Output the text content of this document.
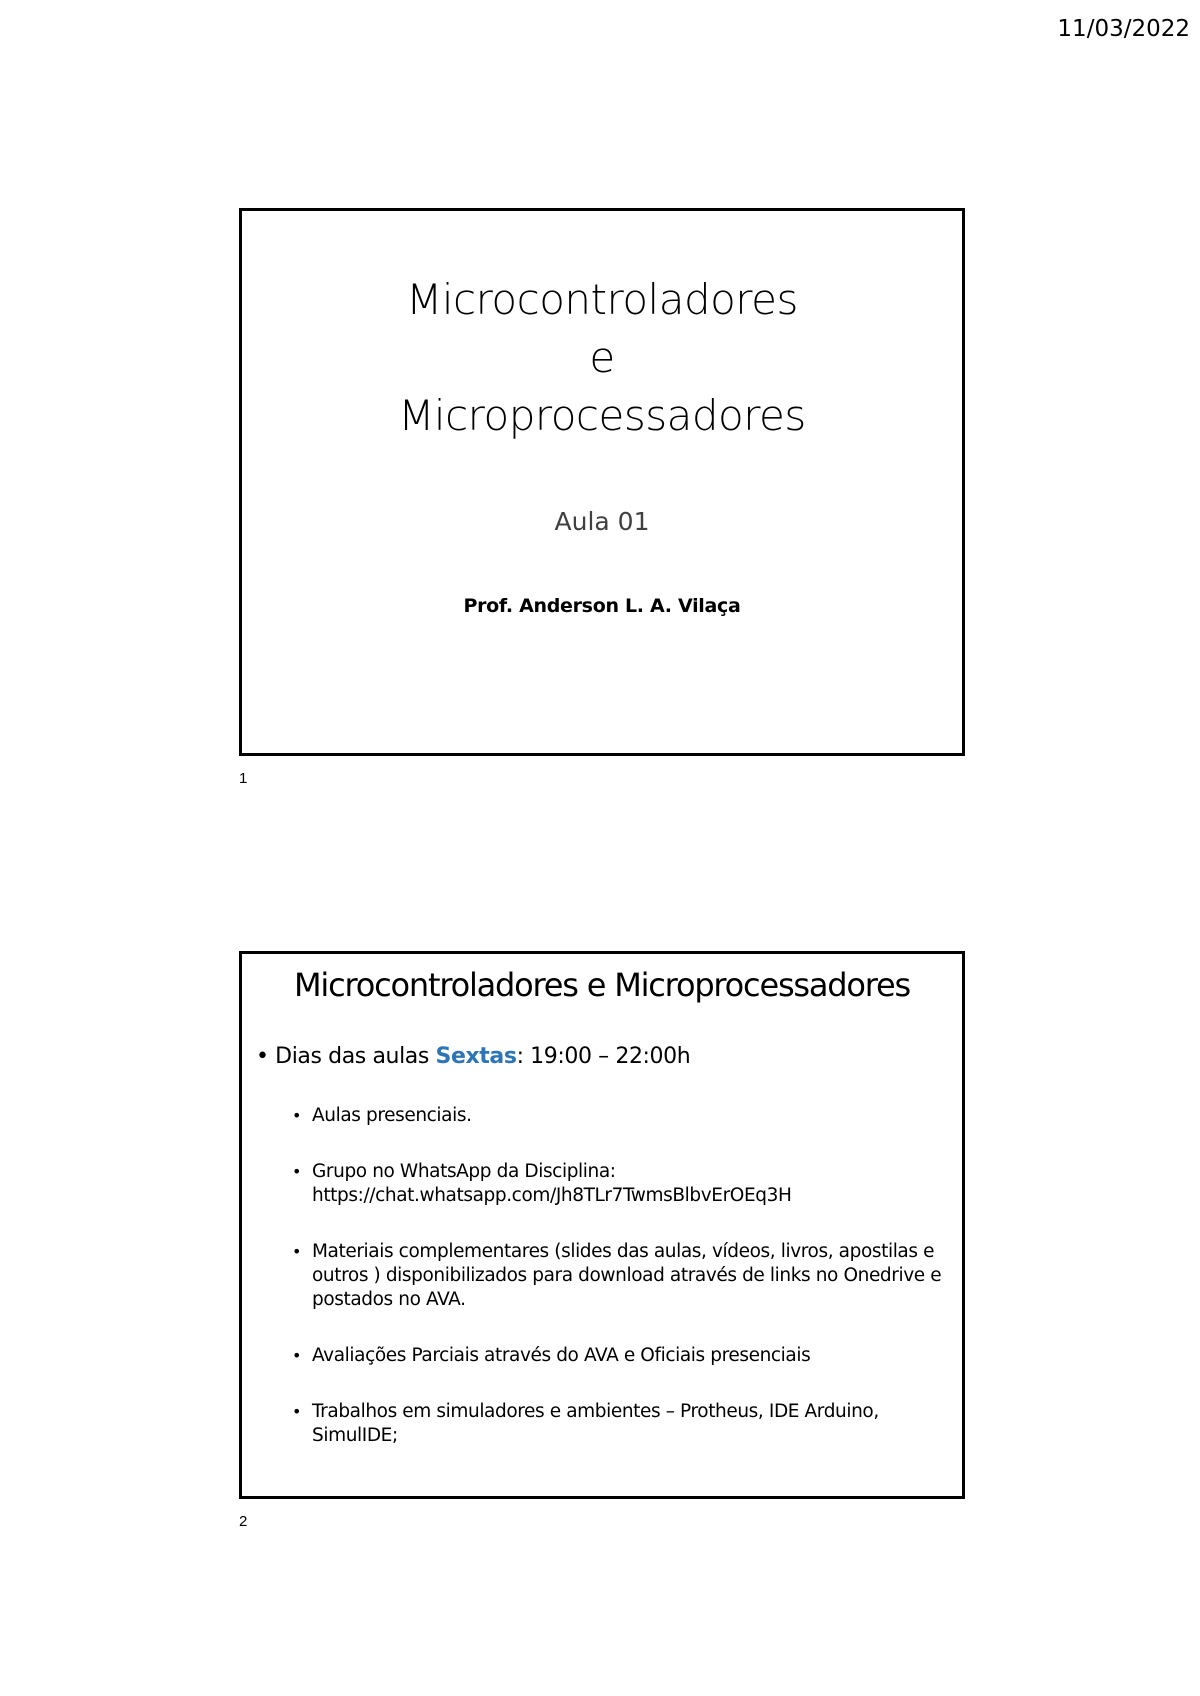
11/03/2022
Microcontroladores
e
Microprocessadores
Aula 01
Prof. Anderson L. A. Vilaça
1
Microcontroladores e Microprocessadores
• Dias das aulas Sextas: 19:00 – 22:00h
• Aulas presenciais.
• Grupo no WhatsApp da Disciplina: https://chat.whatsapp.com/Jh8TLr7TwmsBlbvErOEq3H
• Materiais complementares (slides das aulas, vídeos, livros, apostilas e outros ) disponibilizados para download através de links no Onedrive e postados no AVA.
• Avaliações Parciais através do AVA e Oficiais presenciais
• Trabalhos em simuladores e ambientes – Protheus, IDE Arduino, SimulIDE;
2
